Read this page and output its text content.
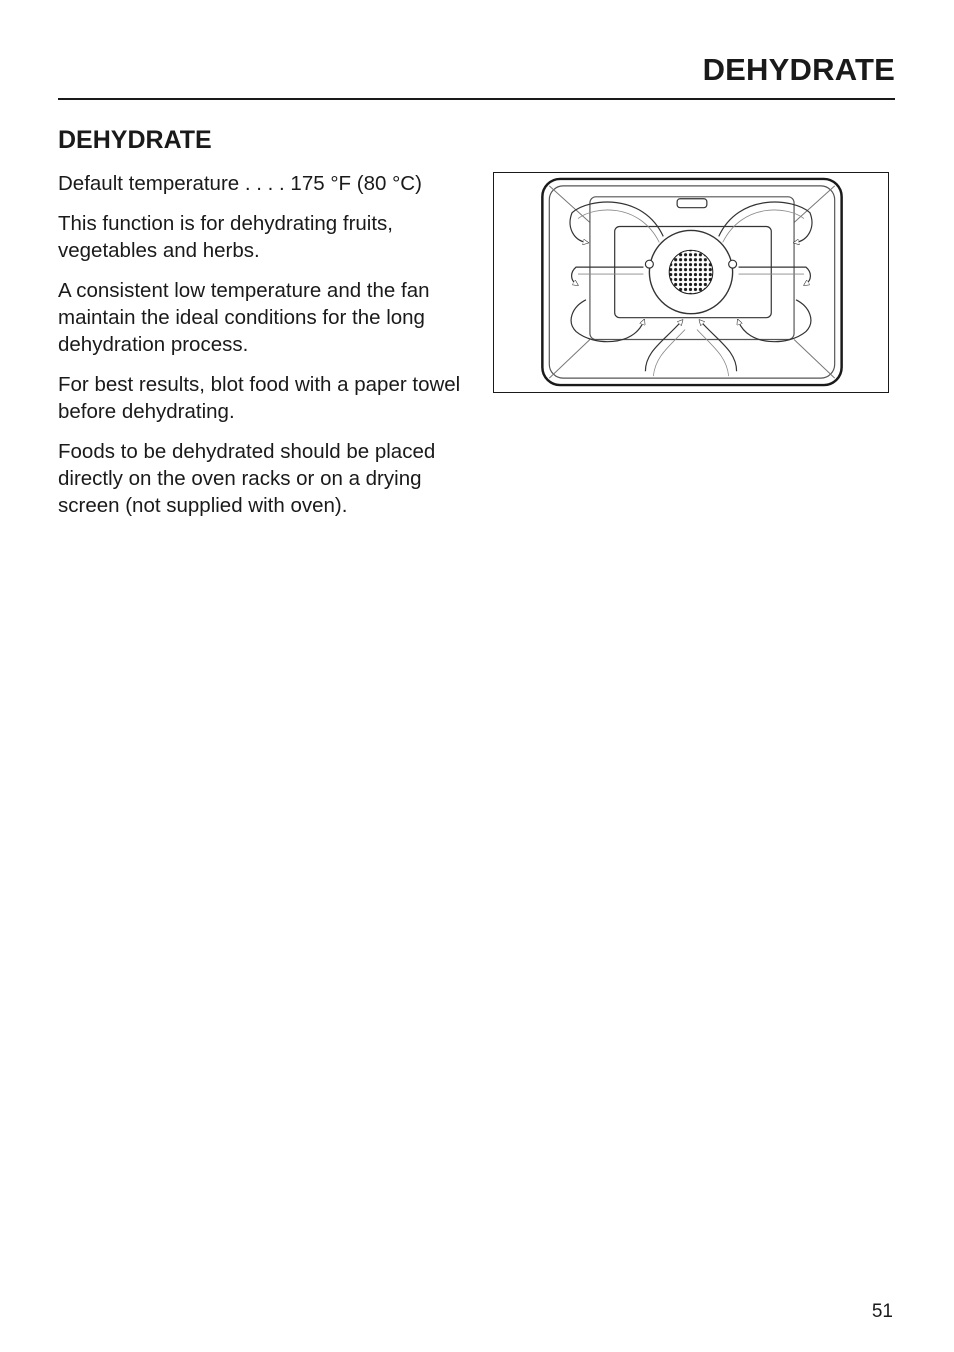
DEHYDRATE
DEHYDRATE

Default temperature . . . . 175 °F (80 °C)

This function is for dehydrating fruits, vegetables and herbs.

A consistent low temperature and the fan maintain the ideal conditions for the long dehydration process.

For best results, blot food with a paper towel before dehydrating.

Foods to be dehydrated should be placed directly on the oven racks or on a drying screen (not supplied with oven).

51
